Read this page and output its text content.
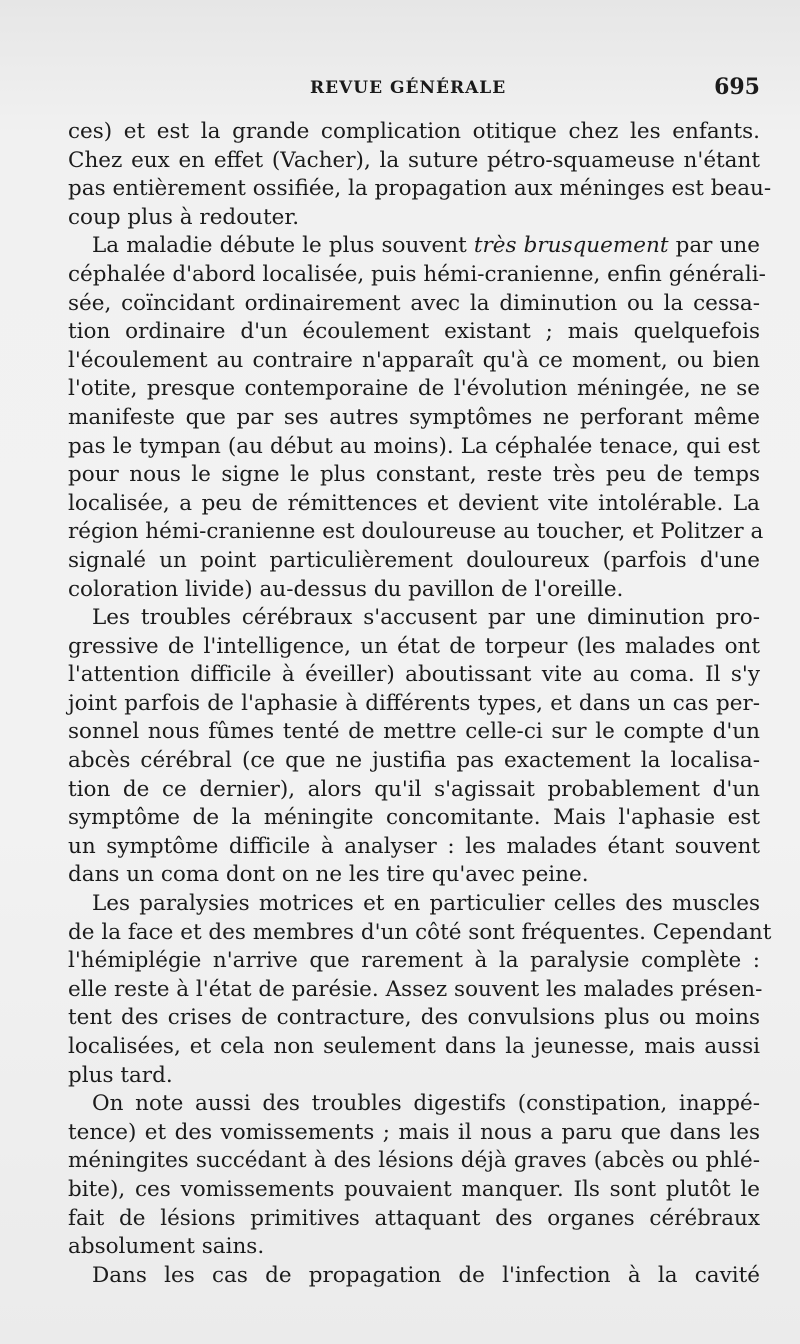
REVUE GÉNÉRALE	695
ces) et est la grande complication otitique chez les enfants.
Chez eux en effet (Vacher), la suture pétro-squameuse n'étant
pas entièrement ossifiée, la propagation aux méninges est beau-
coup plus à redouter.
La maladie débute le plus souvent très brusquement par une
céphalée d'abord localisée, puis hémi-cranienne, enfin générali-
sée, coïncidant ordinairement avec la diminution ou la cessa-
tion ordinaire d'un écoulement existant ; mais quelquefois
l'écoulement au contraire n'apparaît qu'à ce moment, ou bien
l'otite, presque contemporaine de l'évolution méningée, ne se
manifeste que par ses autres symptômes ne perforant même
pas le tympan (au début au moins). La céphalée tenace, qui est
pour nous le signe le plus constant, reste très peu de temps
localisée, a peu de rémittences et devient vite intolérable. La
région hémi-cranienne est douloureuse au toucher, et Politzer a
signalé un point particulièrement douloureux (parfois d'une
coloration livide) au-dessus du pavillon de l'oreille.
Les troubles cérébraux s'accusent par une diminution pro-
gressive de l'intelligence, un état de torpeur (les malades ont
l'attention difficile à éveiller) aboutissant vite au coma. Il s'y
joint parfois de l'aphasie à différents types, et dans un cas per-
sonnel nous fûmes tenté de mettre celle-ci sur le compte d'un
abcès cérébral (ce que ne justifia pas exactement la localisa-
tion de ce dernier), alors qu'il s'agissait probablement d'un
symptôme de la méningite concomitante. Mais l'aphasie est
un symptôme difficile à analyser : les malades étant souvent
dans un coma dont on ne les tire qu'avec peine.
Les paralysies motrices et en particulier celles des muscles
de la face et des membres d'un côté sont fréquentes. Cependant
l'hémiplégie n'arrive que rarement à la paralysie complète :
elle reste à l'état de parésie. Assez souvent les malades présen-
tent des crises de contracture, des convulsions plus ou moins
localisées, et cela non seulement dans la jeunesse, mais aussi
plus tard.
On note aussi des troubles digestifs (constipation, inappé-
tence) et des vomissements ; mais il nous a paru que dans les
méningites succédant à des lésions déjà graves (abcès ou phlé-
bite), ces vomissements pouvaient manquer. Ils sont plutôt le
fait de lésions primitives attaquant des organes cérébraux
absolument sains.
Dans les cas de propagation de l'infection à la cavité
